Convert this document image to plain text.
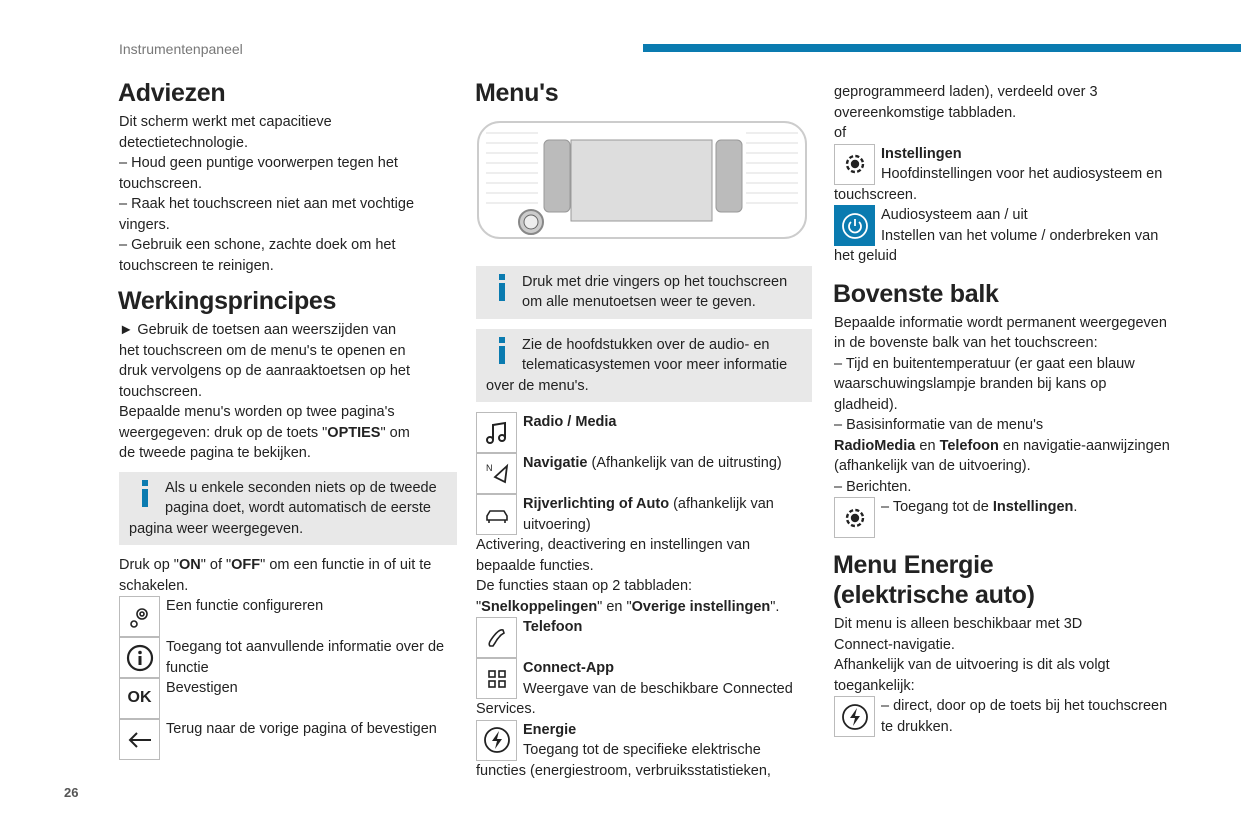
Instrumentenpaneel
26
Adviezen

Dit scherm werkt met capacitieve detectietechnologie.

– Houd geen puntige voorwerpen tegen het touchscreen.

– Raak het touchscreen niet aan met vochtige vingers.

– Gebruik een schone, zachte doek om het touchscreen te reinigen.

Werkingsprincipes

► Gebruik de toetsen aan weerszijden van het touchscreen om de menu's te openen en druk vervolgens op de aanraaktoetsen op het touchscreen.

Bepaalde menu's worden op twee pagina's weergegeven: druk op de toets "OPTIES" om de tweede pagina te bekijken.

Als u enkele seconden niets op de tweede pagina doet, wordt automatisch de eerste pagina weer weergegeven.

Druk op "ON" of "OFF" om een functie in of uit te schakelen.

Een functie configureren
Toegang tot aanvullende informatie over de functie
OK
Bevestigen
Terug naar de vorige pagina of bevestigen
Menu's
Druk met drie vingers op het touchscreen om alle menutoetsen weer te geven.
Zie de hoofdstukken over de audio- en telematicasystemen voor meer informatie over de menu's.
Radio / Media
N Navigatie (Afhankelijk van de uitrusting)
Rijverlichting of Auto (afhankelijk van uitvoering)

Activering, deactivering en instellingen van bepaalde functies.

De functies staan op 2 tabbladen:

"Snelkoppelingen" en "Overige instellingen".

Telefoon
Connect-App
Weergave van de beschikbare Connected Services.
Energie
Toegang tot de specifieke elektrische functies (energiestroom, verbruiksstatistieken,

geprogrammeerd laden), verdeeld over 3 overeenkomstige tabbladen.

of

Instellingen
Hoofdinstellingen voor het audiosysteem en touchscreen.
Audiosysteem aan / uit
Instellen van het volume / onderbreken van het geluid
Bovenste balk

Bepaalde informatie wordt permanent weergegeven in de bovenste balk van het touchscreen:

– Tijd en buitentemperatuur (er gaat een blauw waarschuwingslampje branden bij kans op gladheid).

– Basisinformatie van de menu's

RadioMedia en Telefoon en navigatie-aanwijzingen (afhankelijk van de uitvoering).

– Berichten.

– Toegang tot de Instellingen.
Menu Energie (elektrische auto)

Dit menu is alleen beschikbaar met 3D Connect-navigatie.

Afhankelijk van de uitvoering is dit als volgt toegankelijk:

– direct, door op de toets bij het touchscreen te drukken.
